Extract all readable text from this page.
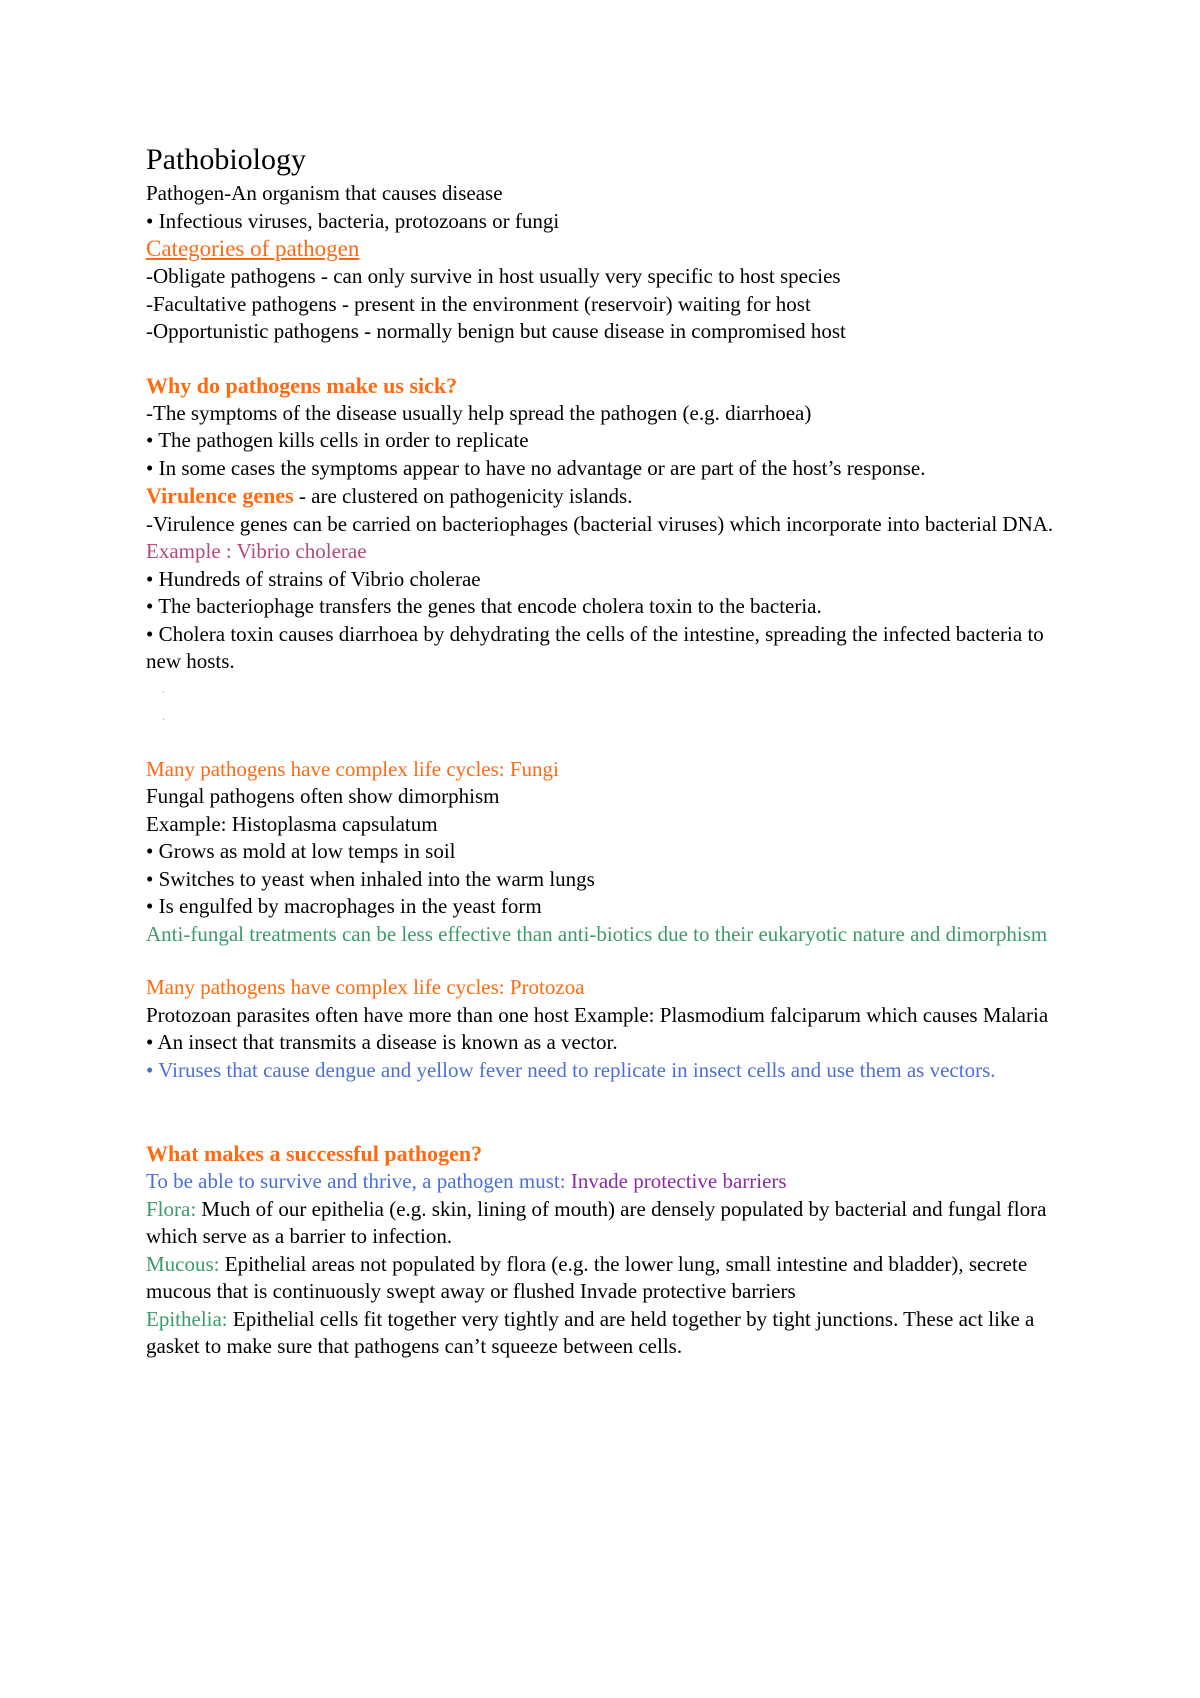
Pathobiology
Pathogen-An organism that causes disease
• Infectious viruses, bacteria, protozoans or fungi
Categories of pathogen
-Obligate pathogens - can only survive in host usually very specific to host species
-Facultative pathogens - present in the environment (reservoir) waiting for host
-Opportunistic pathogens - normally benign but cause disease in compromised host
Why do pathogens make us sick?
-The symptoms of the disease usually help spread the pathogen (e.g. diarrhoea)
• The pathogen kills cells in order to replicate
• In some cases the symptoms appear to have no advantage or are part of the host’s response.
Virulence genes - are clustered on pathogenicity islands.
-Virulence genes can be carried on bacteriophages (bacterial viruses) which incorporate into bacterial DNA.
Example : Vibrio cholerae
• Hundreds of strains of Vibrio cholerae
• The bacteriophage transfers the genes that encode cholera toxin to the bacteria.
• Cholera toxin causes diarrhoea by dehydrating the cells of the intestine, spreading the infected bacteria to new hosts.
.
.
Many pathogens have complex life cycles: Fungi
Fungal pathogens often show dimorphism
Example: Histoplasma capsulatum
• Grows as mold at low temps in soil
• Switches to yeast when inhaled into the warm lungs
• Is engulfed by macrophages in the yeast form
Anti-fungal treatments can be less effective than anti-biotics due to their eukaryotic nature and dimorphism
Many pathogens have complex life cycles: Protozoa
Protozoan parasites often have more than one host Example: Plasmodium falciparum which causes Malaria
• An insect that transmits a disease is known as a vector.
• Viruses that cause dengue and yellow fever need to replicate in insect cells and use them as vectors.
What makes a successful pathogen?
To be able to survive and thrive, a pathogen must: Invade protective barriers
Flora: Much of our epithelia (e.g. skin, lining of mouth) are densely populated by bacterial and fungal flora which serve as a barrier to infection.
Mucous: Epithelial areas not populated by flora (e.g. the lower lung, small intestine and bladder), secrete mucous that is continuously swept away or flushed Invade protective barriers
Epithelia: Epithelial cells fit together very tightly and are held together by tight junctions. These act like a gasket to make sure that pathogens can’t squeeze between cells.
